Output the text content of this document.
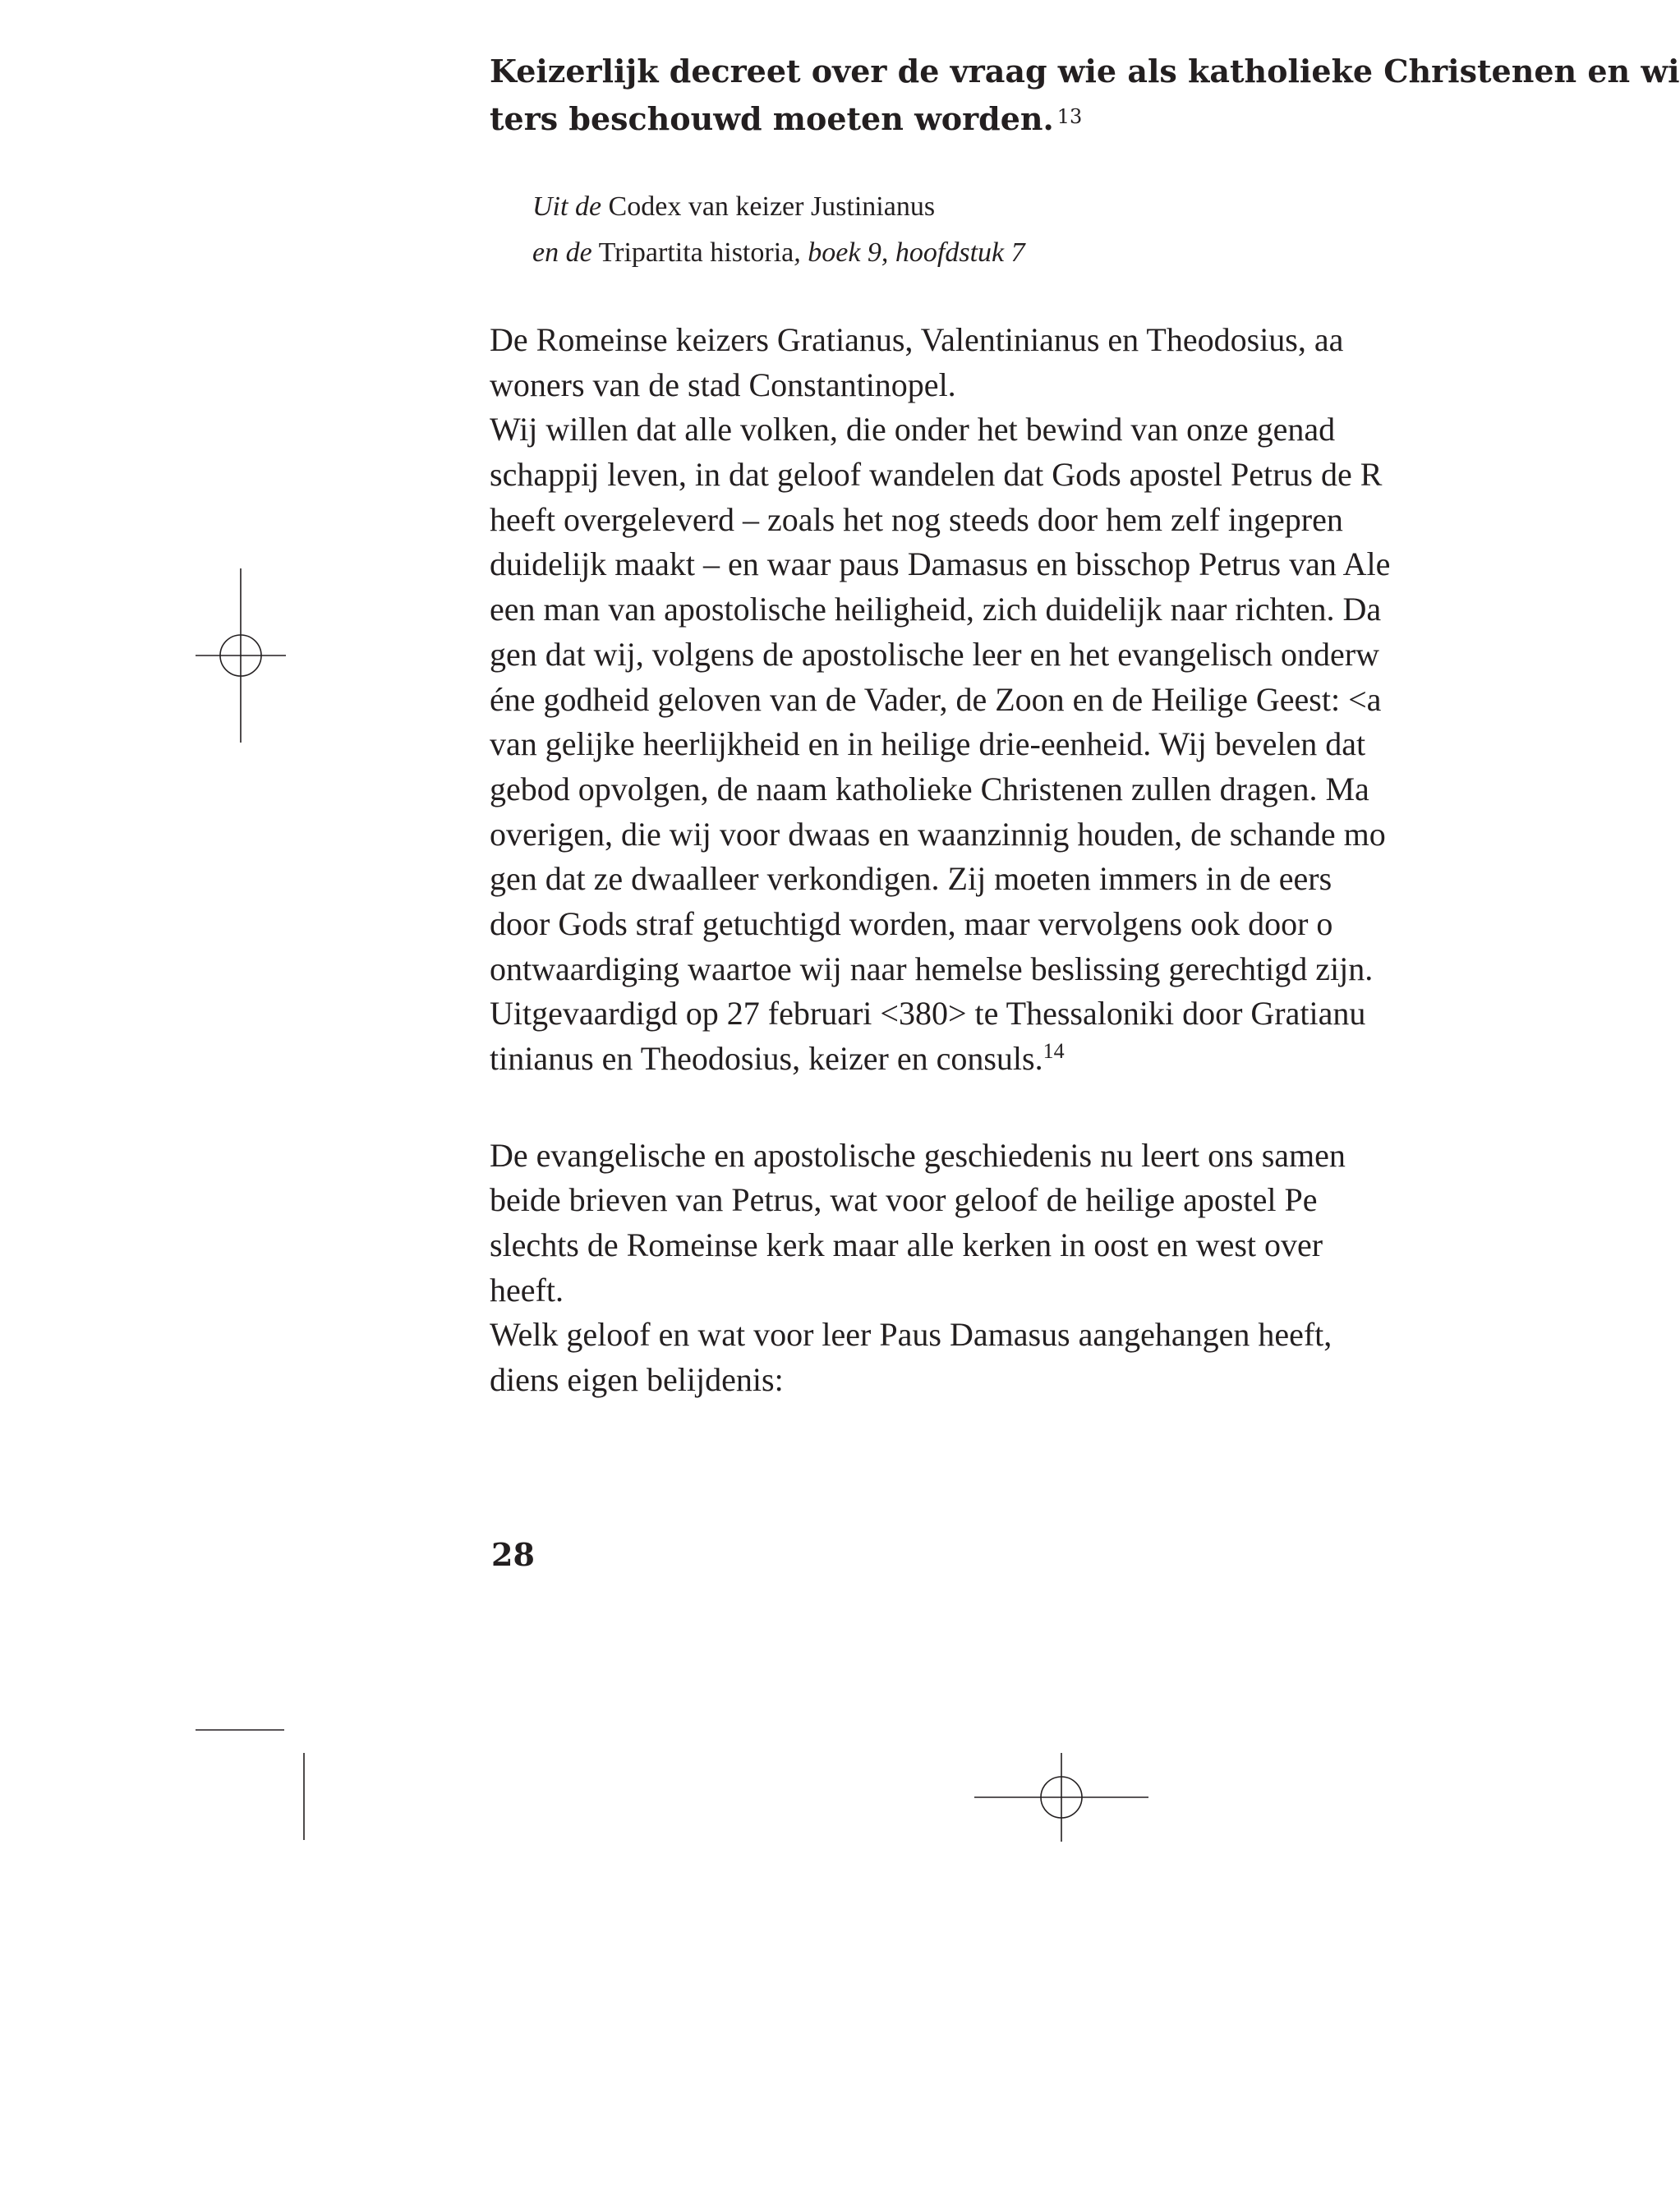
Keizerlijk decreet over de vraag wie als katholieke Christenen en wi
ters beschouwd moeten worden. $^{13}$
Uit de Codex van keizer Justinianus
en de Tripartita historia, boek 9, hoofdstuk 7
De Romeinse keizers Gratianus, Valentinianus en Theodosius, aa
woners van de stad Constantinopel.
Wij willen dat alle volken, die onder het bewind van onze genad
schappij leven, in dat geloof wandelen dat Gods apostel Petrus de R
heeft overgeleverd – zoals het nog steeds door hem zelf ingepren
duidelijk maakt – en waar paus Damasus en bisschop Petrus van Ale
een man van apostolische heiligheid, zich duidelijk naar richten. Da
gen dat wij, volgens de apostolische leer en het evangelisch onderw
éne godheid geloven van de Vader, de Zoon en de Heilige Geest: <a
van gelijke heerlijkheid en in heilige drie-eenheid. Wij bevelen dat
gebod opvolgen, de naam katholieke Christenen zullen dragen. Ma
overigen, die wij voor dwaas en waanzinnig houden, de schande mo
gen dat ze dwaalleer verkondigen. Zij moeten immers in de eers
door Gods straf getuchtigd worden, maar vervolgens ook door o
ontwaardiging waartoe wij naar hemelse beslissing gerechtigd zijn.
Uitgevaardigd op 27 februari <380> te Thessaloniki door Gratianu
tinianus en Theodosius, keizer en consuls.$^{14}$
De evangelische en apostolische geschiedenis nu leert ons samen
beide brieven van Petrus, wat voor geloof de heilige apostel Pe
slechts de Romeinse kerk maar alle kerken in oost en west over
heeft.
Welk geloof en wat voor leer Paus Damasus aangehangen heeft,
diens eigen belijdenis:
28
